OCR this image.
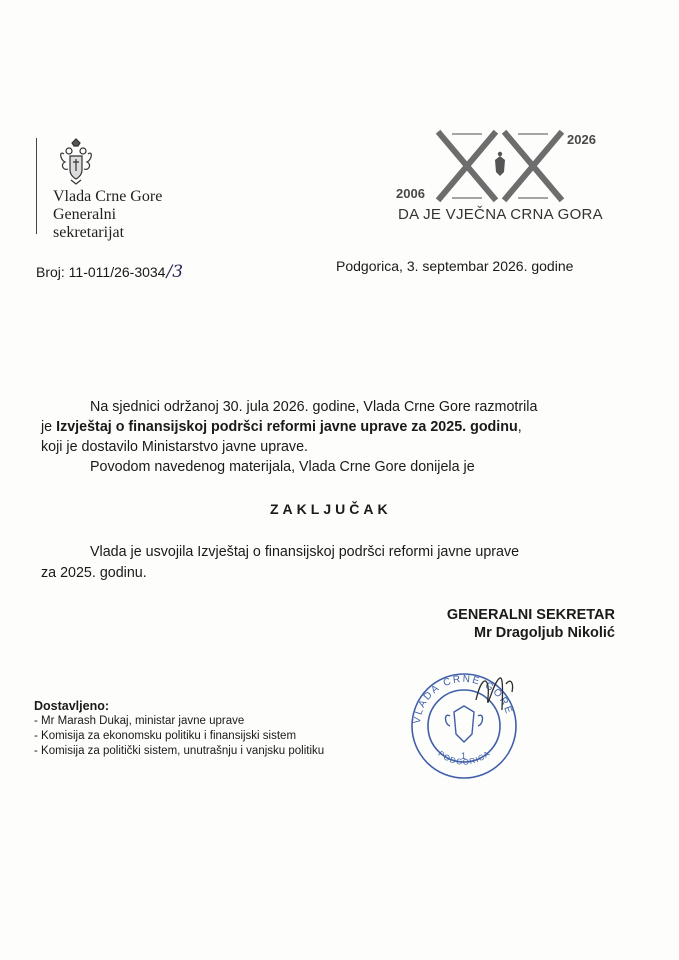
Vlada Crne Gore
Generalni
sekretarijat
2026
2006
DA JE VJEČNA CRNA GORA
Broj: 11-011/26-3034/3	Podgorica, 3. septembar 2026. godine
Na sjednici održanoj 30. jula 2026. godine, Vlada Crne Gore razmotrila
je Izvještaj o finansijskoj podršci reformi javne uprave za 2025. godinu,
koji je dostavilo Ministarstvo javne uprave.
Povodom navedenog materijala, Vlada Crne Gore donijela je
ZAKLJUČAK
Vlada je usvojila Izvještaj o finansijskoj podršci reformi javne uprave
za 2025. godinu.
GENERALNI SEKRETAR
Mr Dragoljub Nikolić
VLADA CRNE GORE
PODGORICA
1
Dostavljeno:
- Mr Marash Dukaj, ministar javne uprave
- Komisija za ekonomsku politiku i finansijski sistem
- Komisija za politički sistem, unutrašnju i vanjsku politiku
